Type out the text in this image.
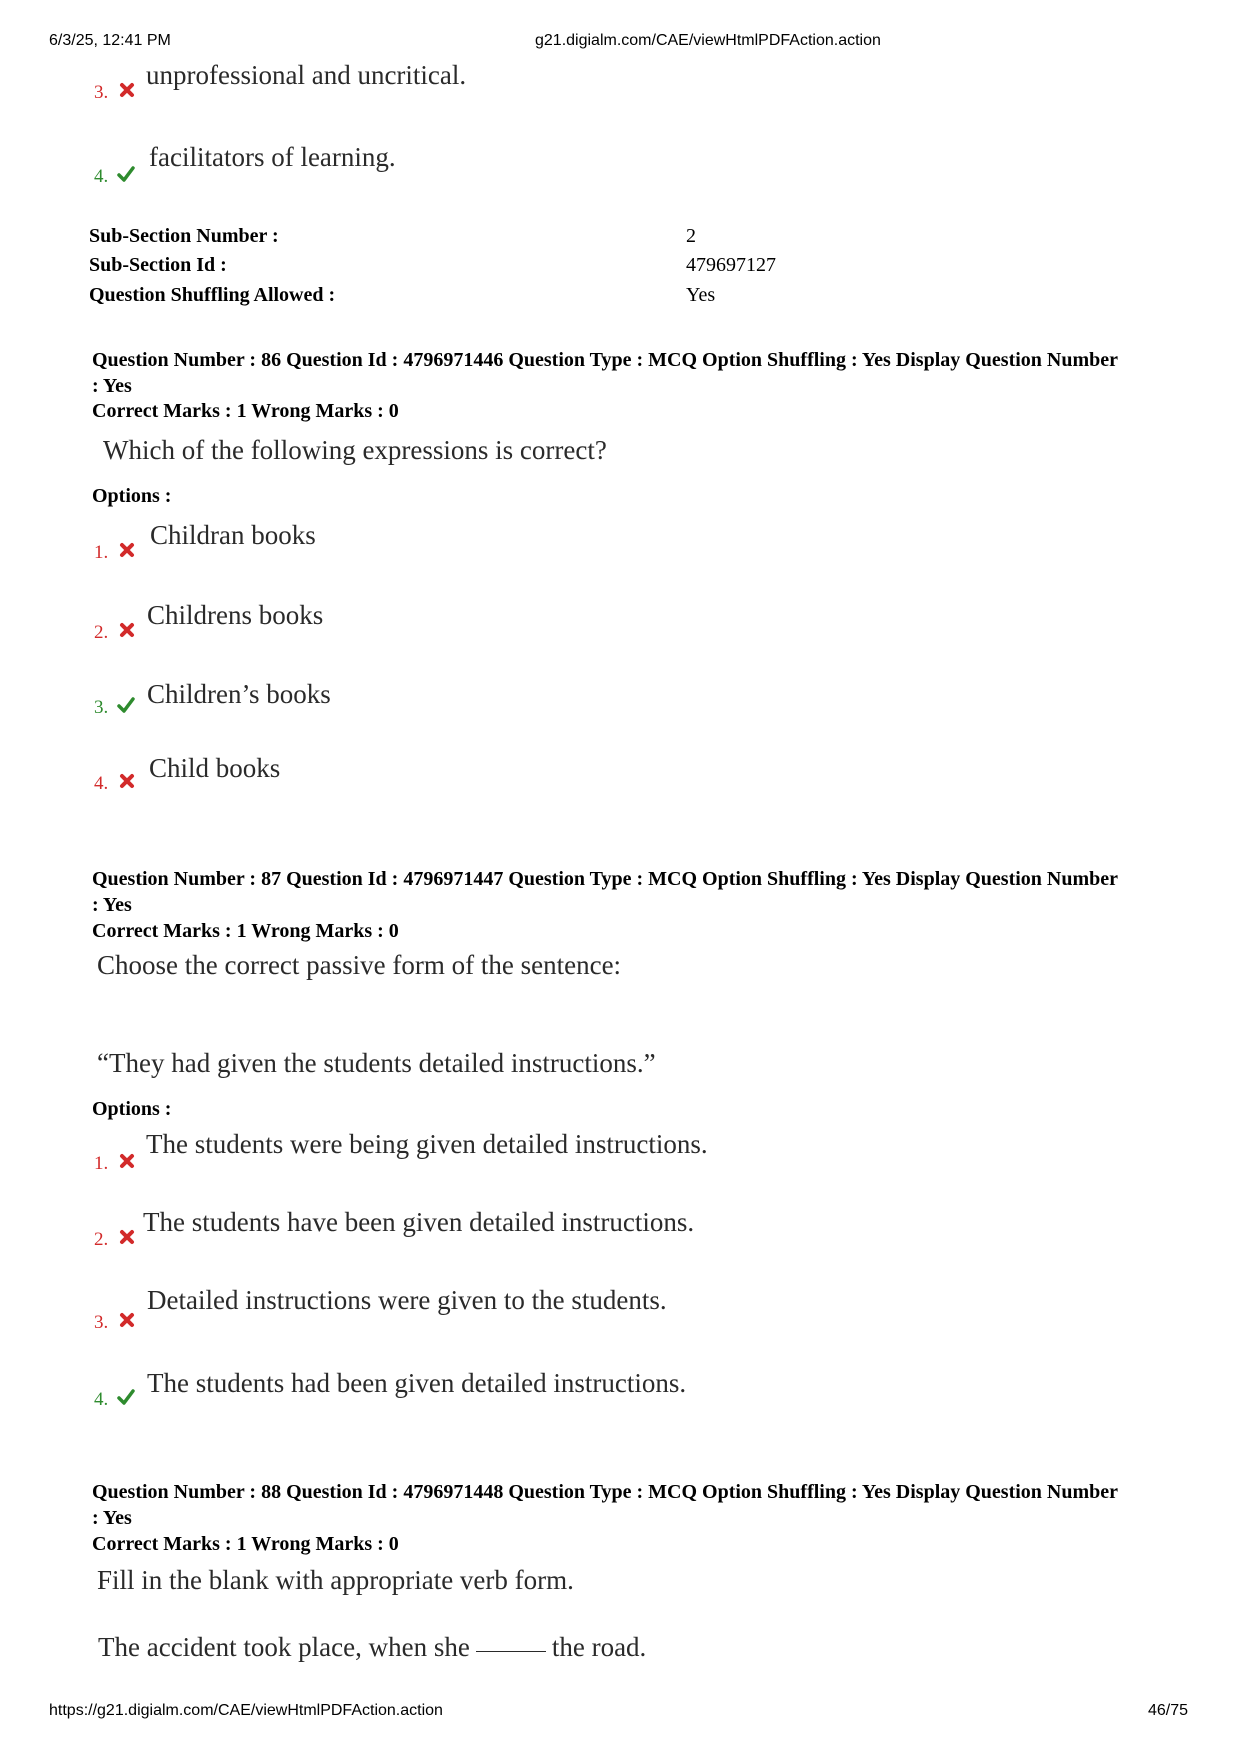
6/3/25, 12:41 PM	g21.digialm.com/CAE/viewHtmlPDFAction.action
3.
unprofessional and uncritical.
4.
facilitators of learning.
Sub-Section Number :	2
Sub-Section Id :	479697127
Question Shuffling Allowed :	Yes
Question Number : 86 Question Id : 4796971446 Question Type : MCQ Option Shuffling : Yes Display Question Number : Yes
Correct Marks : 1 Wrong Marks : 0
Which of the following expressions is correct?
Options :
1.
Childran books
2.
Childrens books
3. Children’s books
4.
Child books
Question Number : 87 Question Id : 4796971447 Question Type : MCQ Option Shuffling : Yes Display Question Number : Yes
Correct Marks : 1 Wrong Marks : 0
Choose the correct passive form of the sentence:
“They had given the students detailed instructions.”
Options :
1.
The students were being given detailed instructions.
2.
The students have been given detailed instructions.
3.
Detailed instructions were given to the students.
4.
The students had been given detailed instructions.
Question Number : 88 Question Id : 4796971448 Question Type : MCQ Option Shuffling : Yes Display Question Number : Yes
Correct Marks : 1 Wrong Marks : 0
Fill in the blank with appropriate verb form.
The accident took place, when she	the road.
https://g21.digialm.com/CAE/viewHtmlPDFAction.action	46/75
